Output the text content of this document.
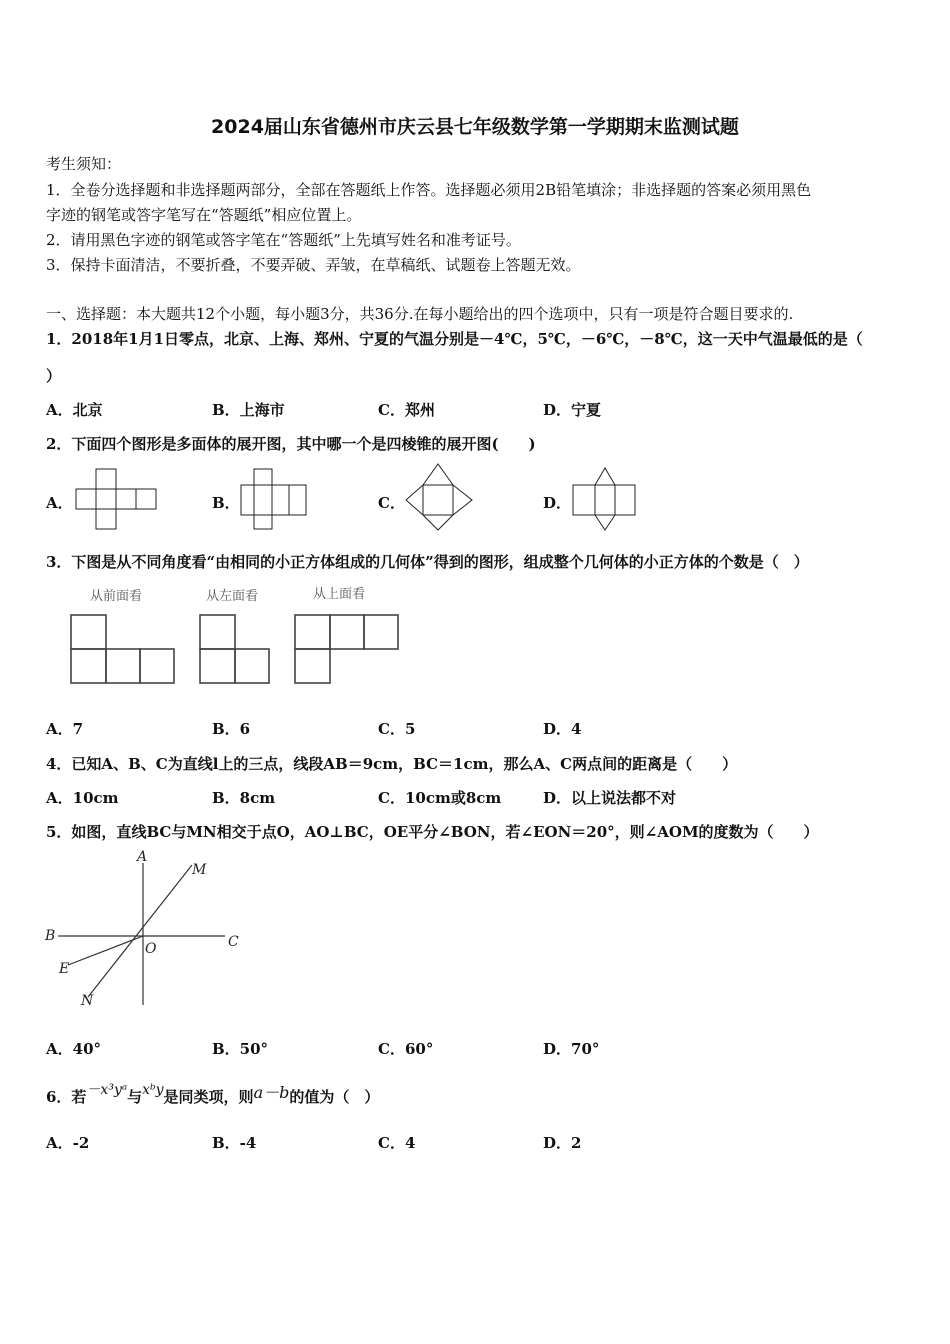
2024届山东省德州市庆云县七年级数学第一学期期末监测试题
考生须知：
1．全卷分选择题和非选择题两部分，全部在答题纸上作答。选择题必须用2B铅笔填涂；非选择题的答案必须用黑色
字迹的钢笔或答字笔写在“答题纸”相应位置上。
2．请用黑色字迹的钢笔或答字笔在“答题纸”上先填写姓名和准考证号。
3．保持卡面清洁，不要折叠，不要弄破、弄皱，在草稿纸、试题卷上答题无效。
一、选择题：本大题共12个小题，每小题3分，共36分.在每小题给出的四个选项中，只有一项是符合题目要求的.
1．2018年1月1日零点，北京、上海、郑州、宁夏的气温分别是－4℃，5℃，－6℃，－8℃，这一天中气温最低的是（
）
A．北京	B．上海市	C．郑州	D．宁夏
2．下面四个图形是多面体的展开图，其中哪一个是四棱锥的展开图(　　)
A．	B．	C．	D．
3．下图是从不同角度看“由相同的小正方体组成的几何体”得到的图形，组成整个几何体的小正方体的个数是（　）
从前面看	从左面看	从上面看
A．7	B．6	C．5	D．4
4．已知A、B、C为直线l上的三点，线段AB＝9cm，BC＝1cm，那么A、C两点间的距离是（　　）
A．10cm	B．8cm	C．10cm或8cm	D．以上说法都不对
5．如图，直线BC与MN相交于点O，AO⊥BC，OE平分∠BON，若∠EON＝20°，则∠AOM的度数为（　　）
A
M
B
O	C
E
N
A．40°	B．50°	C．60°	D．70°
6．若－x³yᵃ与xᵇy是同类项，则a－b的值为（　）
A．-2	B．-4	C．4	D．2
